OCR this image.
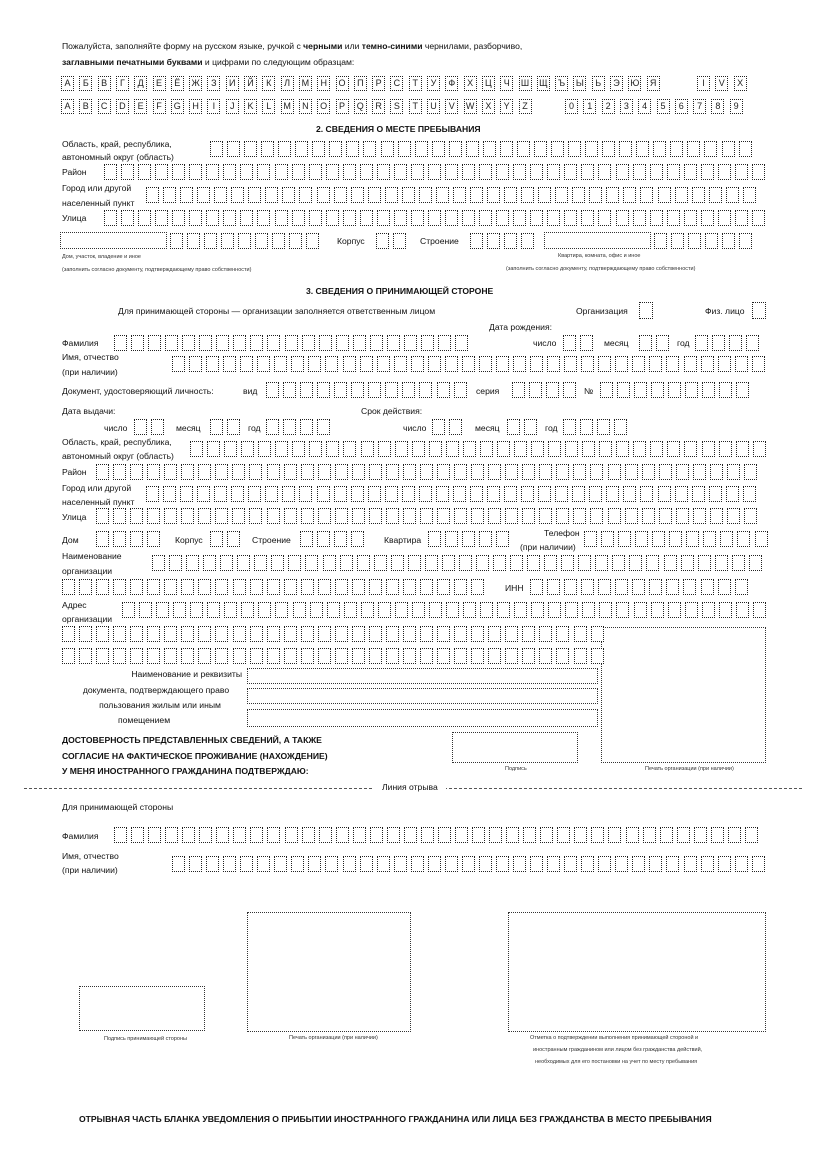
Пожалуйста, заполняйте форму на русском языке, ручкой с черными или темно-синими чернилами, разборчиво,
заглавными печатными буквами и цифрами по следующим образцам:
А	Б	В	Г	Д	Е	Ё	Ж	З	И	Й	К	Л	М	Н	О	П	Р	С	Т	У	Ф	Х	Ц	Ч	Ш Щ	Ъ	Ы	Ь	Э	Ю	Я	I	V	X
A	B	C	D	E	F	G	H	I	J	K	L	M	N	O	P	Q	R	S	T	U	V	W	X	Y	Z	0	1	2	3	4	5	6	7	8	9
2. СВЕДЕНИЯ О МЕСТЕ ПРЕБЫВАНИЯ
Область, край, республика,
автономный округ (область)
Район
Город или другой
населенный пункт
Улица
Корпус	Строение
Дом, участок, владение и иное	Квартира, комната, офис и иное
(заполнить согласно документу, подтверждающему право собственности)	(заполнить согласно документу, подтверждающему право собственности)
3. СВЕДЕНИЯ О ПРИНИМАЮЩЕЙ СТОРОНЕ
Для принимающей стороны — организации заполняется ответственным лицом	Организация	Физ. лицо
Дата рождения:
Фамилия	число	месяц	год
Имя, отчество
(при наличии)
Документ, удостоверяющий личность:	вид	серия	№
Дата выдачи:	Срок действия:
число	месяц	год	число	месяц	год
Область, край, республика,
автономный округ (область)
Район
Город или другой
населенный пункт
Улица
Дом	Корпус	Строение	Квартира
Телефон
(при наличии)
Наименование
организации
ИНН
Адрес
организации
Наименование и реквизиты
документа, подтверждающего право
пользования жилым или иным
помещением
ДОСТОВЕРНОСТЬ ПРЕДСТАВЛЕННЫХ СВЕДЕНИЙ, А ТАКЖЕ
СОГЛАСИЕ НА ФАКТИЧЕСКОЕ ПРОЖИВАНИЕ (НАХОЖДЕНИЕ)
У МЕНЯ ИНОСТРАННОГО ГРАЖДАНИНА ПОДТВЕРЖДАЮ:	Подпись	Печать организации (при наличии)
Линия отрыва
Для принимающей стороны
Фамилия
Имя, отчество
(при наличии)
Подпись принимающей стороны	Печать организации (при наличии)	Отметка о подтверждении выполнения принимающей стороной и
иностранным гражданином или лицом без гражданства действий,
необходимых для его постановки на учет по месту пребывания
ОТРЫВНАЯ ЧАСТЬ БЛАНКА УВЕДОМЛЕНИЯ О ПРИБЫТИИ ИНОСТРАННОГО ГРАЖДАНИНА ИЛИ ЛИЦА БЕЗ ГРАЖДАНСТВА В МЕСТО ПРЕБЫВАНИЯ
